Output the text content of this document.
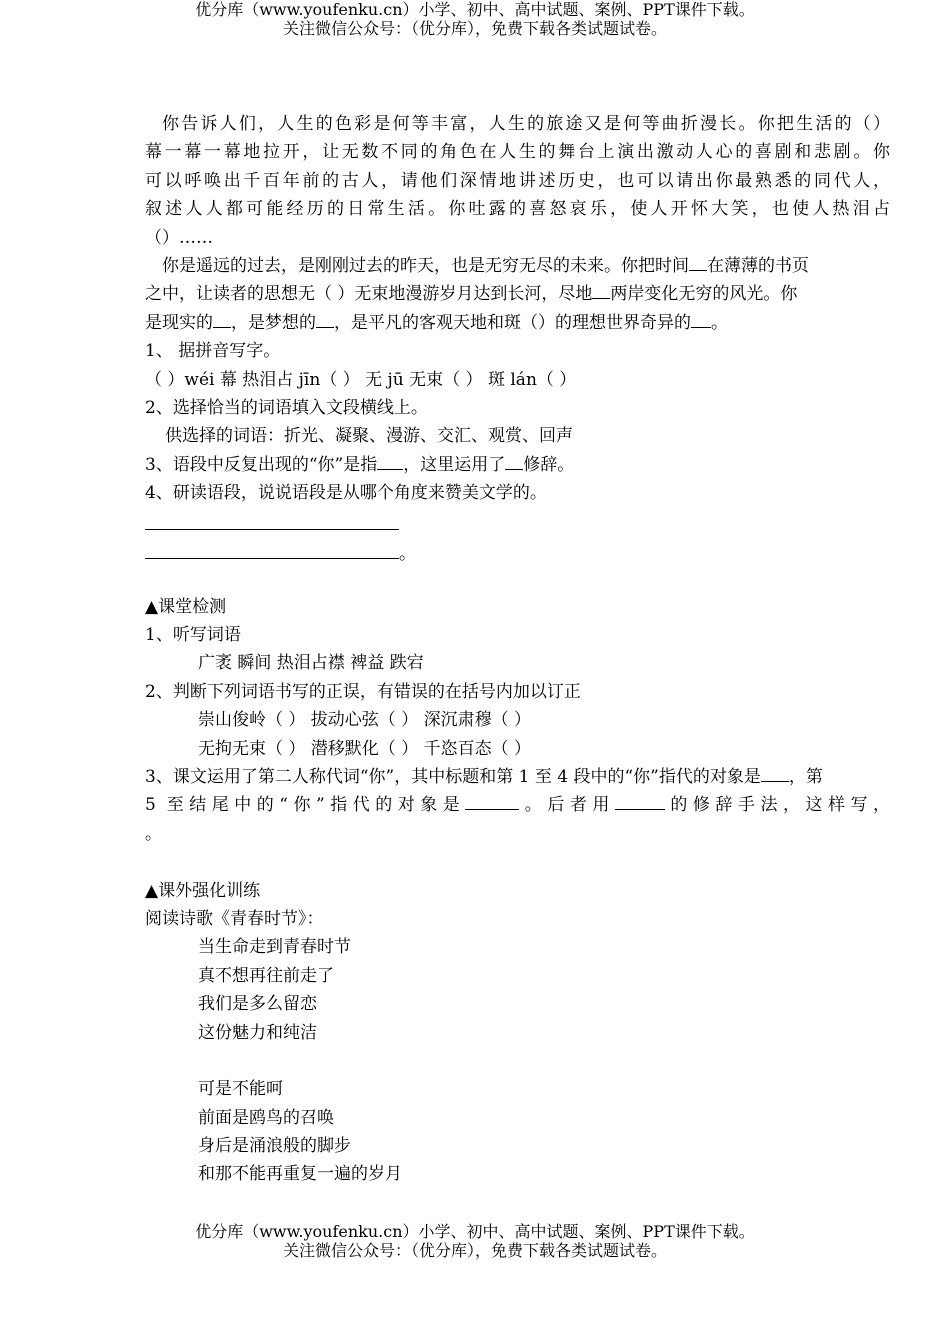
优分库（www.youfenku.cn）小学、初中、高中试题、案例、PPT课件下载。
关注微信公众号：（优分库），免费下载各类试题试卷。
你告诉人们，人生的色彩是何等丰富，人生的旅途又是何等曲折漫长。你把生活的（）
幕一幕一幕地拉开，让无数不同的角色在人生的舞台上演出激动人心的喜剧和悲剧。你
可以呼唤出千百年前的古人，请他们深情地讲述历史，也可以请出你最熟悉的同代人，
叙述人人都可能经历的日常生活。你吐露的喜怒哀乐，使人开怀大笑，也使人热泪占
（）……
你是遥远的过去，是刚刚过去的昨天，也是无穷无尽的未来。你把时间 在薄薄的书页
之中，让读者的思想无（ ）无束地漫游岁月达到长河，尽地 两岸变化无穷的风光。你
是现实的 ，是梦想的 ，是平凡的客观天地和斑（）的理想世界奇异的 。
1、 据拼音写字。
（ ）wéi 幕 热泪占 jīn（ ） 无 jū 无束（ ） 斑 lán（ ）
2、选择恰当的词语填入文段横线上。
供选择的词语：折光、凝聚、漫游、交汇、观赏、回声
3、语段中反复出现的“你”是指 ，这里运用了 修辞。
4、研读语段，说说语段是从哪个角度来赞美文学的。
。
▲课堂检测
1、听写词语
广袤 瞬间 热泪占襟 裨益 跌宕
2、判断下列词语书写的正误，有错误的在括号内加以订正
崇山俊岭（ ） 拔动心弦（ ） 深沉肃穆（ ）
无拘无束（ ） 潜移默化（ ） 千恣百态（ ）
3、课文运用了第二人称代词“你”，其中标题和第 1 至 4 段中的“你”指代的对象是 ，第
5 至结尾中的“你”指代的对象是	。后者用	的修辞手法，这样写，
。
▲课外强化训练
阅读诗歌《青春时节》：
当生命走到青春时节
真不想再往前走了
我们是多么留恋
这份魅力和纯洁
可是不能呵
前面是鸥鸟的召唤
身后是涌浪般的脚步
和那不能再重复一遍的岁月
优分库（www.youfenku.cn）小学、初中、高中试题、案例、PPT课件下载。
关注微信公众号：（优分库），免费下载各类试题试卷。
